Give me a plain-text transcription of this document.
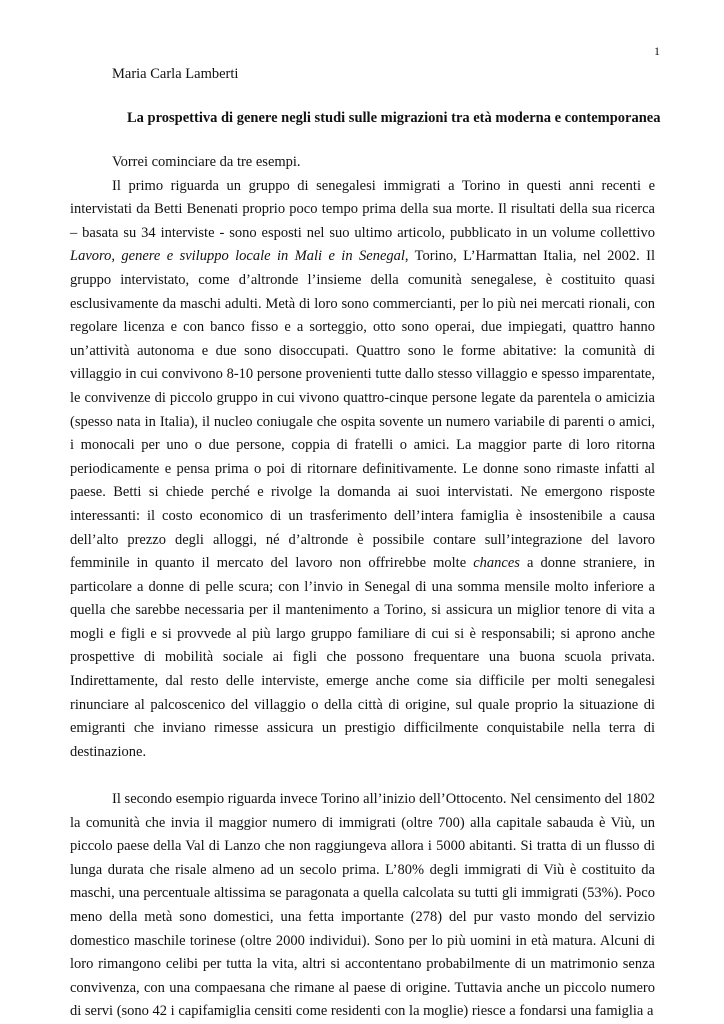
1
Maria Carla Lamberti
La prospettiva di genere negli studi sulle migrazioni tra età moderna e contemporanea

Vorrei cominciare da tre esempi.

Il primo riguarda un gruppo di senegalesi immigrati a Torino in questi anni recenti e intervistati da Betti Benenati proprio poco tempo prima della sua morte. Il risultati della sua ricerca – basata su 34 interviste - sono esposti nel suo ultimo articolo, pubblicato in un volume collettivo Lavoro, genere e sviluppo locale in Mali e in Senegal, Torino, L’Harmattan Italia, nel 2002. Il gruppo intervistato, come d’altronde l’insieme della comunità senegalese, è costituito quasi esclusivamente da maschi adulti. Metà di loro sono commercianti, per lo più nei mercati rionali, con regolare licenza e con banco fisso e a sorteggio, otto sono operai, due impiegati, quattro hanno un’attività autonoma e due sono disoccupati. Quattro sono le forme abitative: la comunità di villaggio in cui convivono 8-10 persone provenienti tutte dallo stesso villaggio e spesso imparentate, le convivenze di piccolo gruppo in cui vivono quattro-cinque persone legate da parentela o amicizia (spesso nata in Italia), il nucleo coniugale che ospita sovente un numero variabile di parenti o amici, i monocali per uno o due persone, coppia di fratelli o amici. La maggior parte di loro ritorna periodicamente e pensa prima o poi di ritornare definitivamente. Le donne sono rimaste infatti al paese. Betti si chiede perché e rivolge la domanda ai suoi intervistati. Ne emergono risposte interessanti: il costo economico di un trasferimento dell’intera famiglia è insostenibile a causa dell’alto prezzo degli alloggi, né d’altronde è possibile contare sull’integrazione del lavoro femminile in quanto il mercato del lavoro non offrirebbe molte chances a donne straniere, in particolare a donne di pelle scura; con l’invio in Senegal di una somma mensile molto inferiore a quella che sarebbe necessaria per il mantenimento a Torino, si assicura un miglior tenore di vita a mogli e figli e si provvede al più largo gruppo familiare di cui si è responsabili; si aprono anche prospettive di mobilità sociale ai figli che possono frequentare una buona scuola privata. Indirettamente, dal resto delle interviste, emerge anche come sia difficile per molti senegalesi rinunciare al palcoscenico del villaggio o della città di origine, sul quale proprio la situazione di emigranti che inviano rimesse assicura un prestigio difficilmente conquistabile nella terra di destinazione.

Il secondo esempio riguarda invece Torino all’inizio dell’Ottocento. Nel censimento del 1802 la comunità che invia il maggior numero di immigrati (oltre 700) alla capitale sabauda è Viù, un piccolo paese della Val di Lanzo che non raggiungeva allora i 5000 abitanti. Si tratta di un flusso di lunga durata che risale almeno ad un secolo prima. L’80% degli immigrati di Viù è costituito da maschi, una percentuale altissima se paragonata a quella calcolata su tutti gli immigrati (53%). Poco meno della metà sono domestici, una fetta importante (278) del pur vasto mondo del servizio domestico maschile torinese (oltre 2000 individui). Sono per lo più uomini in età matura. Alcuni di loro rimangono celibi per tutta la vita, altri si accontentano probabilmente di un matrimonio senza convivenza, con una compaesana che rimane al paese di origine. Tuttavia anche un piccolo numero di servi (sono 42 i capifamiglia censiti come residenti con la moglie) riesce a fondarsi una famiglia a
